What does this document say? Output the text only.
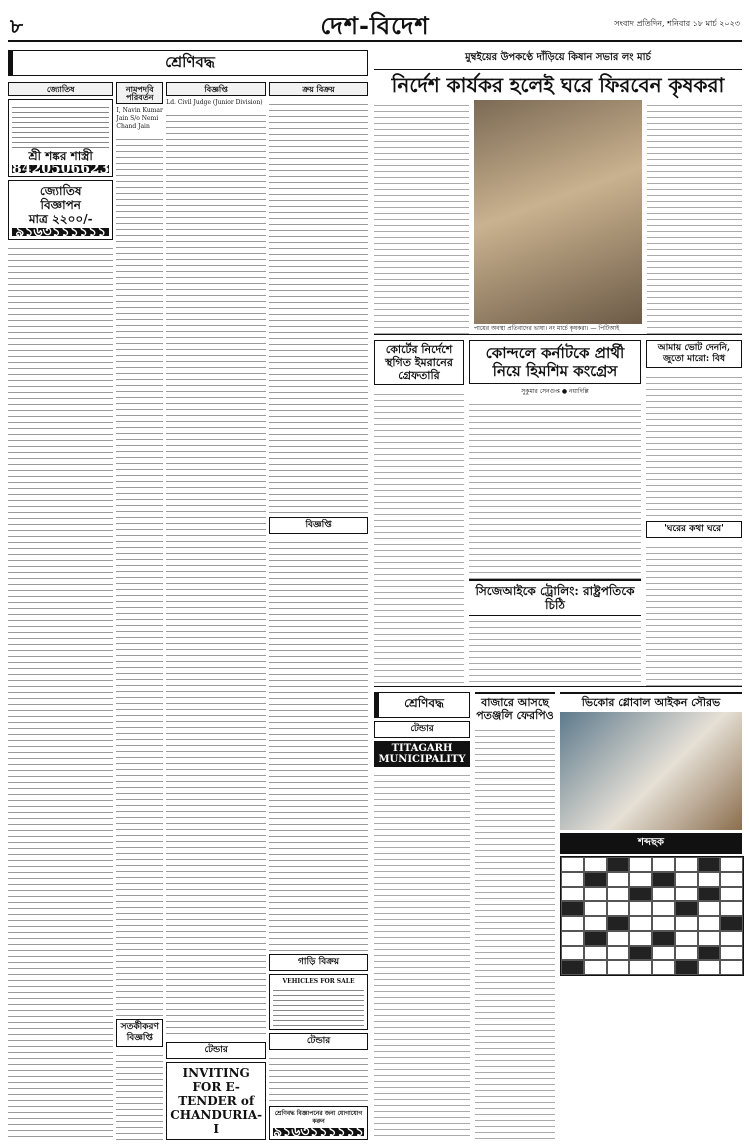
৮	দেশ-বিদেশ	সংবাদ প্রতিদিন, শনিবার ১৮ মার্চ ২০২৩
শ্রেণিবদ্ধ
জ্যোতিষ
শ্রী শঙ্কর শাস্ত্রী
8420506623
জ্যোতিষ
বিজ্ঞাপন
মাত্র ২২০০/-
৯১৬৩১১১১১১
নামপদবি পরিবর্তন
I, Navin Kumar Jain S/o Nemi Chand Jain
সতর্কীকরণ বিজ্ঞপ্তি
বিজ্ঞপ্তি
Ld. Civil Judge (Junior Division)
টেন্ডার
INVITING FOR E-TENDER of CHANDURIA-I
ক্রয় বিক্রয়
বিজ্ঞপ্তি
গাড়ি বিক্রয়
VEHICLES FOR SALE
টেন্ডার
শ্রেণিবদ্ধ বিজ্ঞাপনের জন্য যোগাযোগ করুন
৯১৬৩১১১১১১
মুম্বইয়ের উপকণ্ঠে দাঁড়িয়ে কিষান সভার লং মার্চ
নির্দেশ কার্যকর হলেই ঘরে ফিরবেন কৃষকরা
পায়ের অবস্থা প্রতিবাদের ভাষা। নং মার্চে কৃষকরা। — পিটিআই
কোর্টের নির্দেশে স্থগিত ইমরানের গ্রেফতারি
কোন্দলে কর্নাটকে প্রার্থী নিয়ে হিমশিম কংগ্রেস
সুকুমার সেনগুপ্ত ● নয়াদিল্লি
সিজেআইকে ট্রোলিং: রাষ্ট্রপতিকে চিঠি
আমায় ভোট দেননি, জুতো মারো: বিধ
'ঘরের কথা ঘরে'
শ্রেণিবদ্ধ
টেন্ডার
TITAGARH MUNICIPALITY
বাজারে আসছে পতঞ্জলি ফেরপিও
ভিকোর গ্লোবাল আইকন সৌরভ
শব্দছক
